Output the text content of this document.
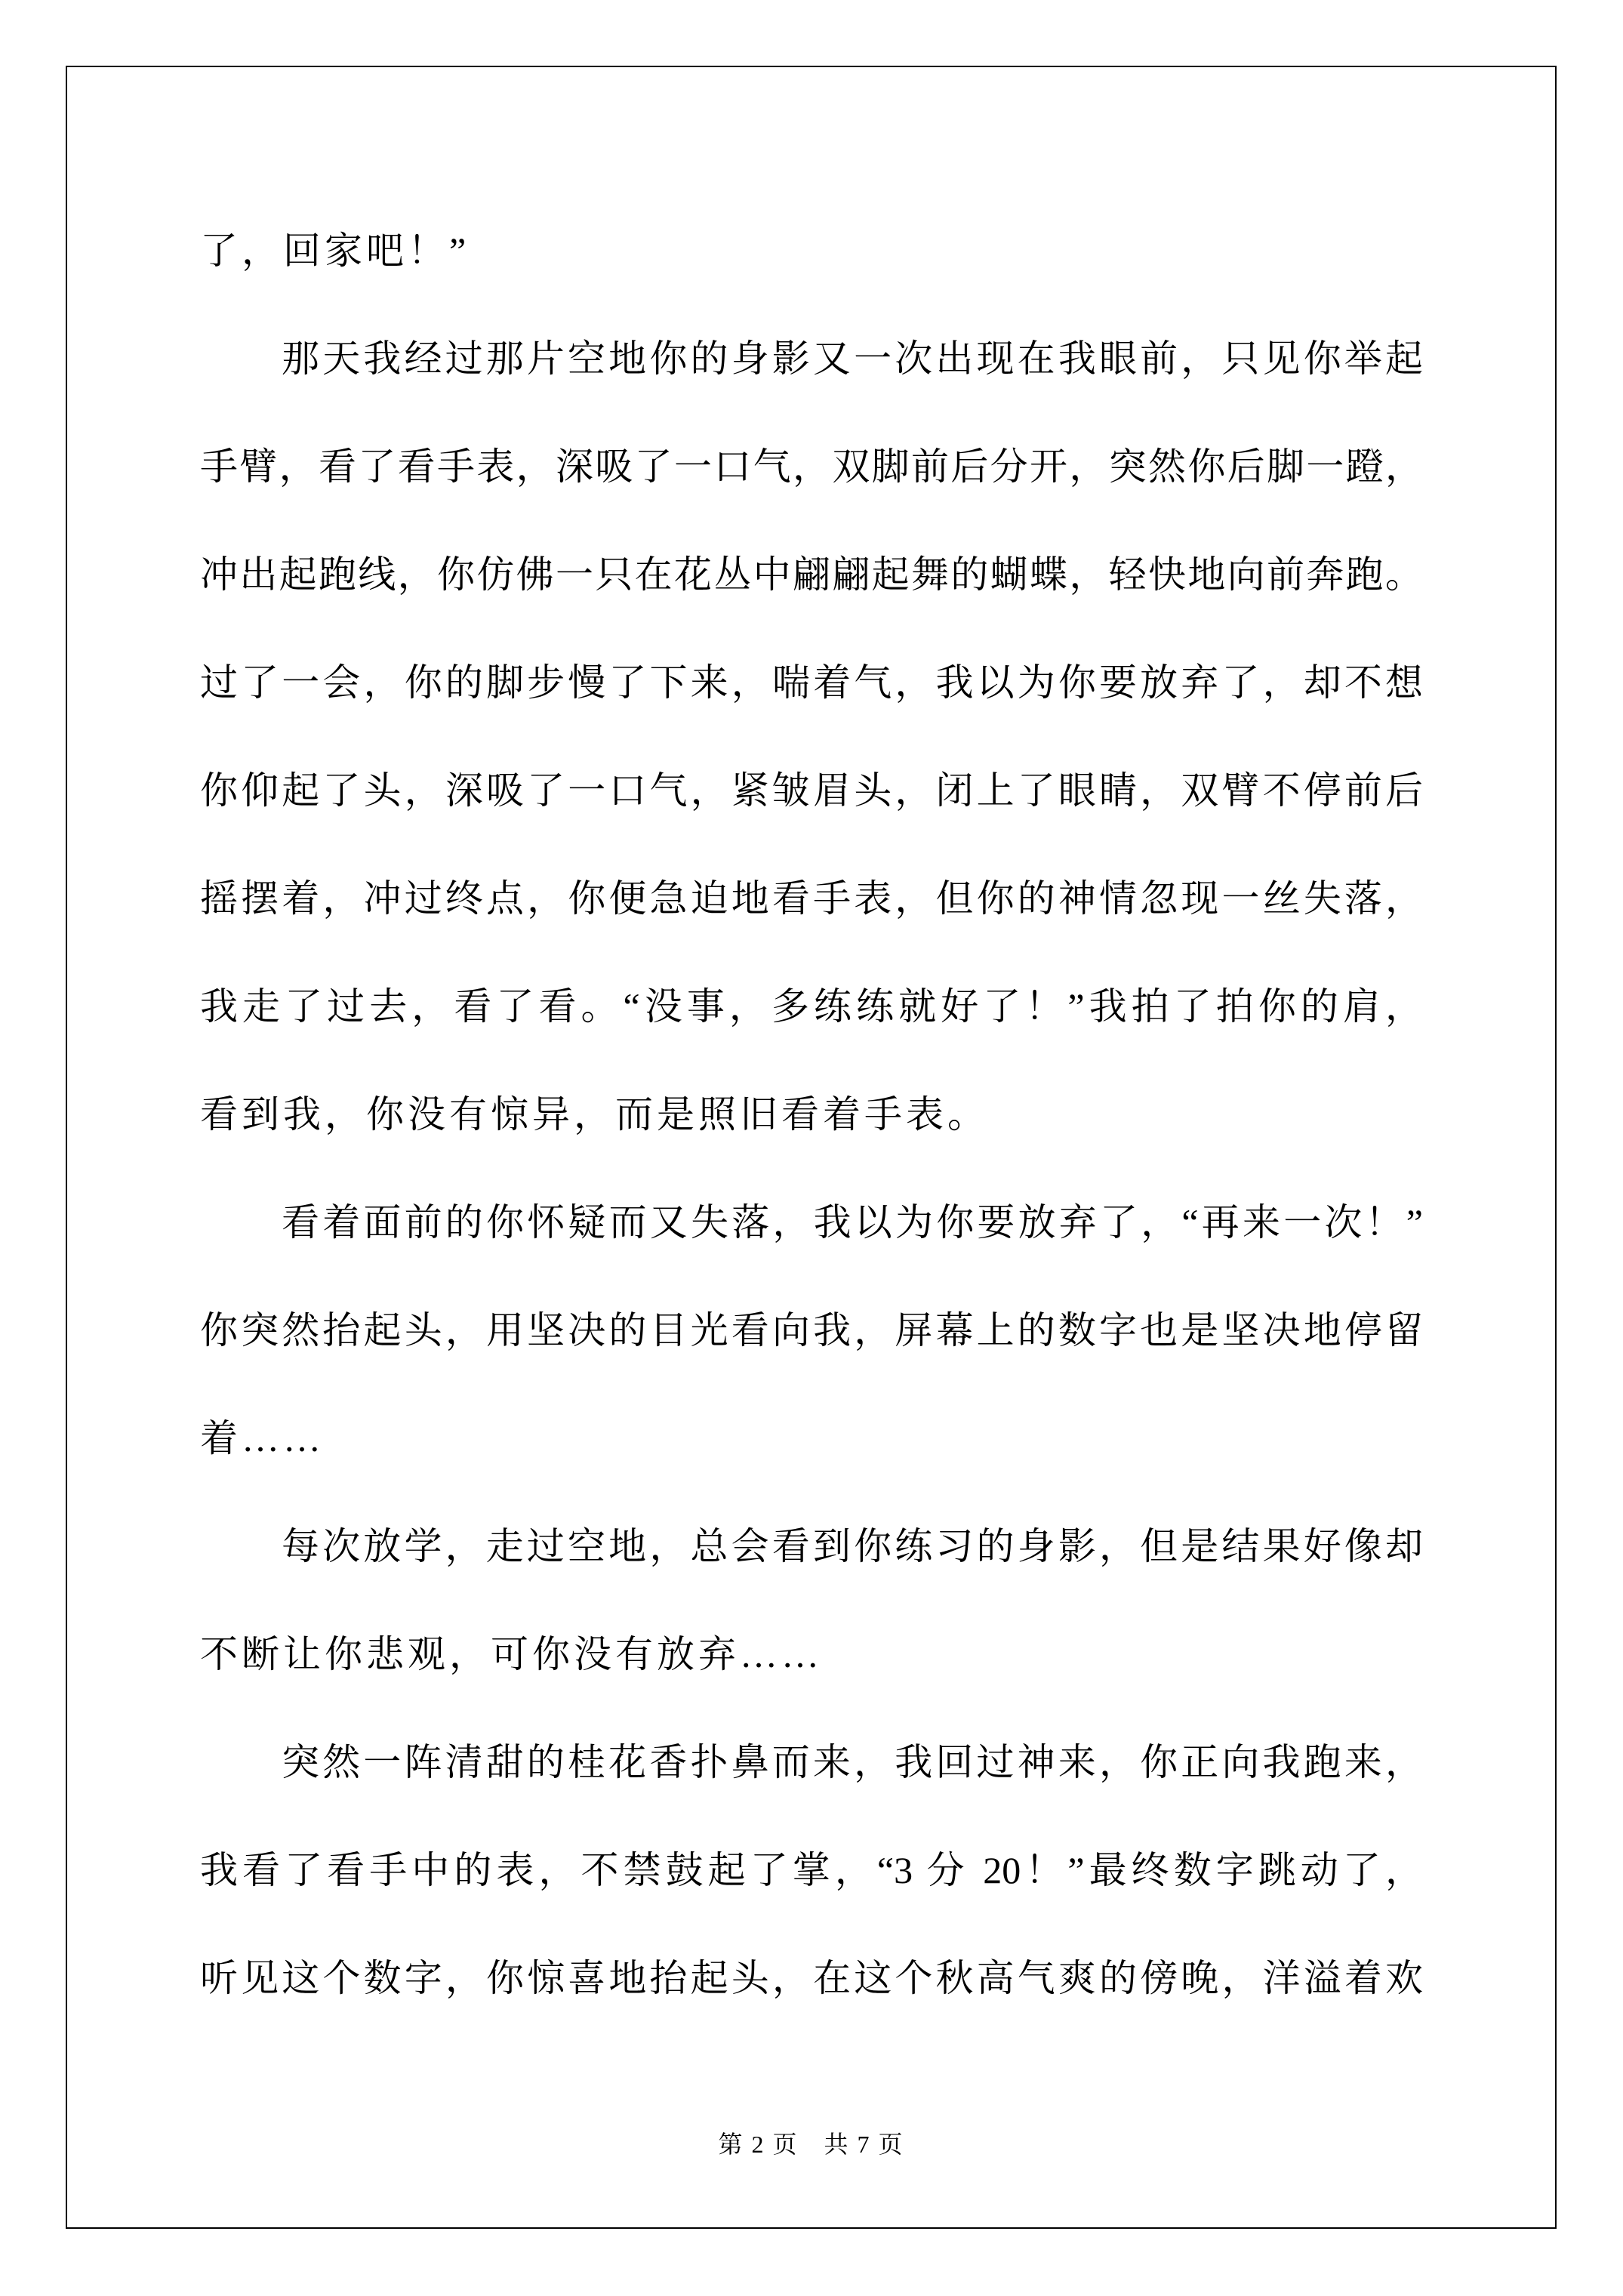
了，回家吧！”
那天我经过那片空地你的身影又一次出现在我眼前，只见你举起
手臂，看了看手表，深吸了一口气，双脚前后分开，突然你后脚一蹬，
冲出起跑线，你仿佛一只在花丛中翩翩起舞的蝴蝶，轻快地向前奔跑。
过了一会，你的脚步慢了下来，喘着气，我以为你要放弃了，却不想
你仰起了头，深吸了一口气，紧皱眉头，闭上了眼睛，双臂不停前后
摇摆着，冲过终点，你便急迫地看手表，但你的神情忽现一丝失落，
我走了过去，看了看。“没事，多练练就好了！”我拍了拍你的肩，
看到我，你没有惊异，而是照旧看着手表。
看着面前的你怀疑而又失落，我以为你要放弃了，“再来一次！”
你突然抬起头，用坚决的目光看向我，屏幕上的数字也是坚决地停留
着……
每次放学，走过空地，总会看到你练习的身影，但是结果好像却
不断让你悲观，可你没有放弃……
突然一阵清甜的桂花香扑鼻而来，我回过神来，你正向我跑来，
我看了看手中的表，不禁鼓起了掌，“3 分 20！”最终数字跳动了，
听见这个数字，你惊喜地抬起头，在这个秋高气爽的傍晚，洋溢着欢
第 2 页　共 7 页
